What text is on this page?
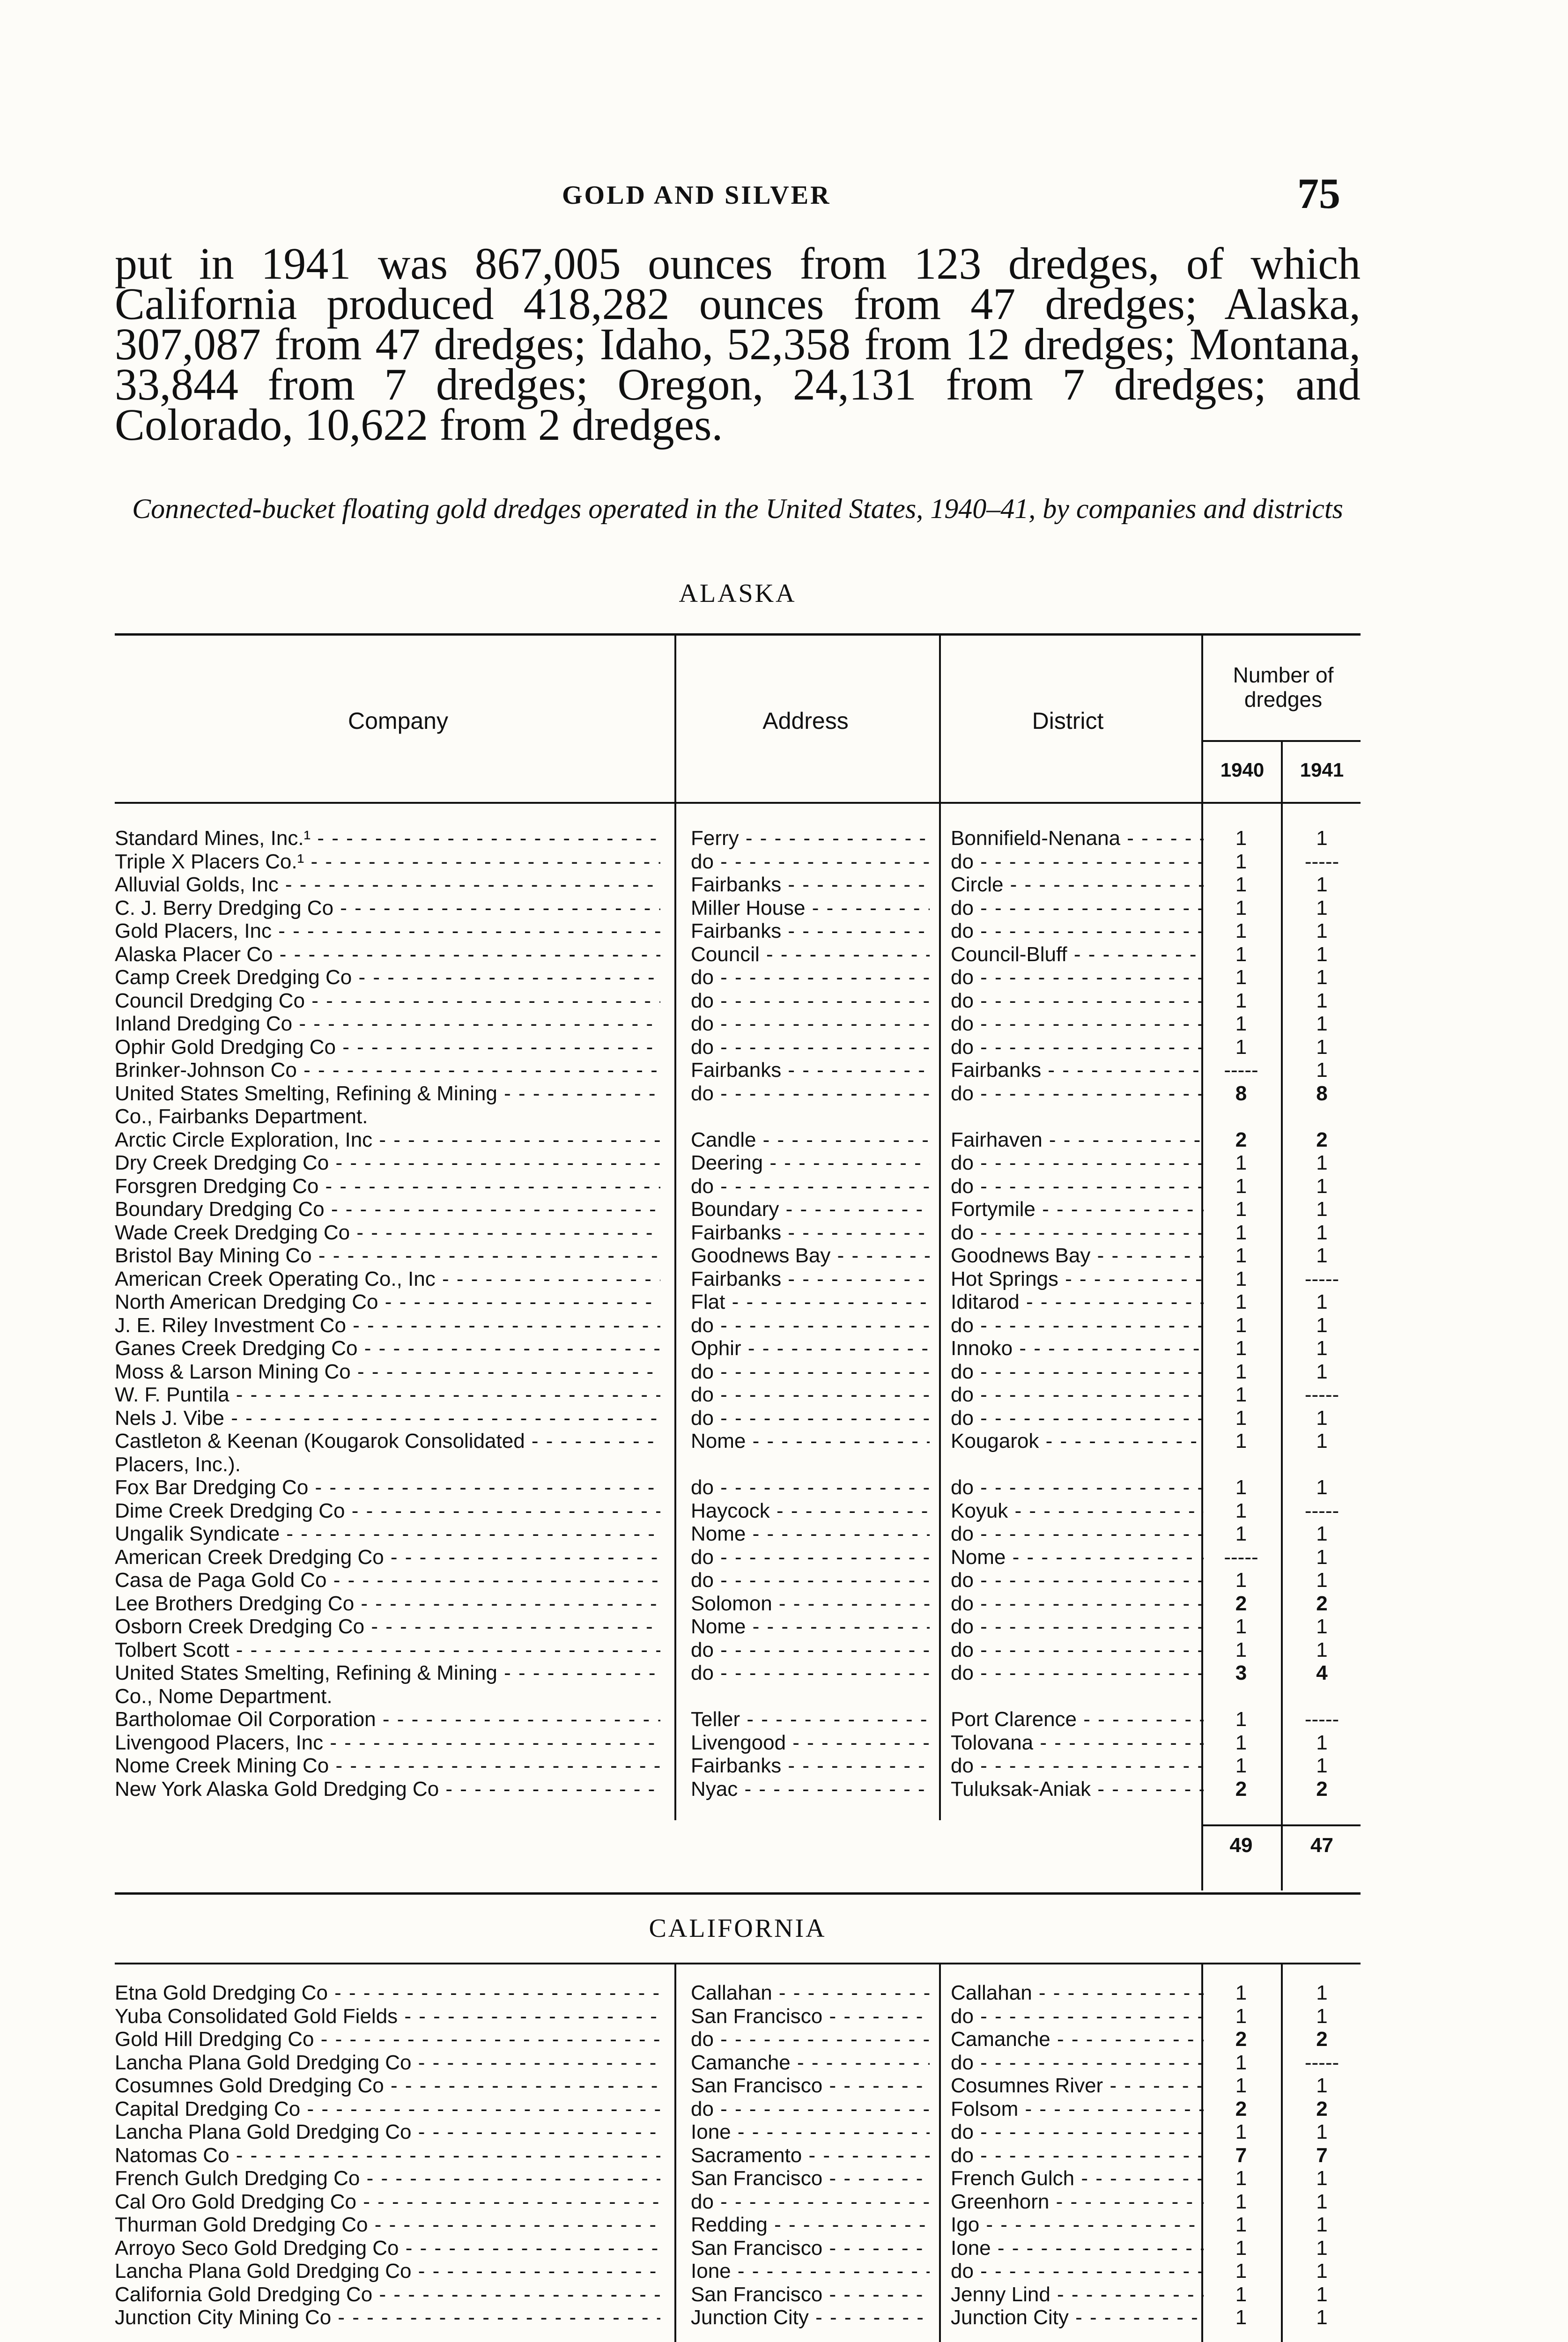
GOLD AND SILVER	75
put in 1941 was 867,005 ounces from 123 dredges, of which California produced 418,282 ounces from 47 dredges; Alaska, 307,087 from 47 dredges; Idaho, 52,358 from 12 dredges; Montana, 33,844 from 7 dredges; Oregon, 24,131 from 7 dredges; and Colorado, 10,622 from 2 dredges.
Connected-bucket floating gold dredges operated in the United States, 1940–41, by companies and districts
ALASKA
Company	Address	District
Number of dredges
1940	1941
Standard Mines, Inc.¹ - - -	Ferry - - -	Bonnifield-Nenana - - -	1	1
Triple X Placers Co.¹ - - -	do - - -	do - - -	1	-----
Alluvial Golds, Inc - - -	Fairbanks - - -	Circle - - -	1	1
C. J. Berry Dredging Co - - -	Miller House - - -	do - - -	1	1
Gold Placers, Inc - - -	Fairbanks - - -	do - - -	1	1
Alaska Placer Co - - -	Council - - -	Council-Bluff - - -	1	1
Camp Creek Dredging Co - - -	do - - -	do - - -	1	1
Council Dredging Co - - -	do - - -	do - - -	1	1
Inland Dredging Co - - -	do - - -	do - - -	1	1
Ophir Gold Dredging Co - - -	do - - -	do - - -	1	1
Brinker-Johnson Co - - -	Fairbanks - - -	Fairbanks - - -	-----	1
United States Smelting, Refining & Mining - - -	do - - -	do - - -	8	8
Co., Fairbanks Department.
Arctic Circle Exploration, Inc - - -	Candle - - -	Fairhaven - - -	2	2
Dry Creek Dredging Co - - -	Deering - - -	do - - -	1	1
Forsgren Dredging Co - - -	do - - -	do - - -	1	1
Boundary Dredging Co - - -	Boundary - - -	Fortymile - - -	1	1
Wade Creek Dredging Co - - -	Fairbanks - - -	do - - -	1	1
Bristol Bay Mining Co - - -	Goodnews Bay - - -	Goodnews Bay - - -	1	1
American Creek Operating Co., Inc - - -	Fairbanks - - -	Hot Springs - - -	1	-----
North American Dredging Co - - -	Flat - - -	Iditarod - - -	1	1
J. E. Riley Investment Co - - -	do - - -	do - - -	1	1
Ganes Creek Dredging Co - - -	Ophir - - -	Innoko - - -	1	1
Moss & Larson Mining Co - - -	do - - -	do - - -	1	1
W. F. Puntila - - -	do - - -	do - - -	1	-----
Nels J. Vibe - - -	do - - -	do - - -	1	1
Castleton & Keenan (Kougarok Consolidated - - -	Nome - - -	Kougarok - - -	1	1
Placers, Inc.).
Fox Bar Dredging Co - - -	do - - -	do - - -	1	1
Dime Creek Dredging Co - - -	Haycock - - -	Koyuk - - -	1	-----
Ungalik Syndicate - - -	Nome - - -	do - - -	1	1
American Creek Dredging Co - - -	do - - -	Nome - - -	-----	1
Casa de Paga Gold Co - - -	do - - -	do - - -	1	1
Lee Brothers Dredging Co - - -	Solomon - - -	do - - -	2	2
Osborn Creek Dredging Co - - -	Nome - - -	do - - -	1	1
Tolbert Scott - - -	do - - -	do - - -	1	1
United States Smelting, Refining & Mining - - -	do - - -	do - - -	3	4
Co., Nome Department.
Bartholomae Oil Corporation - - -	Teller - - -	Port Clarence - - -	1	-----
Livengood Placers, Inc - - -	Livengood - - -	Tolovana - - -	1	1
Nome Creek Mining Co - - -	Fairbanks - - -	do - - -	1	1
New York Alaska Gold Dredging Co - - -	Nyac - - -	Tuluksak-Aniak - - -	2	2
49	47
CALIFORNIA
Etna Gold Dredging Co - - -	Callahan - - -	Callahan - - -	1	1
Yuba Consolidated Gold Fields - - -	San Francisco - - -	do - - -	1	1
Gold Hill Dredging Co - - -	do - - -	Camanche - - -	2	2
Lancha Plana Gold Dredging Co - - -	Camanche - - -	do - - -	1	-----
Cosumnes Gold Dredging Co - - -	San Francisco - - -	Cosumnes River - - -	1	1
Capital Dredging Co - - -	do - - -	Folsom - - -	2	2
Lancha Plana Gold Dredging Co - - -	Ione - - -	do - - -	1	1
Natomas Co - - -	Sacramento - - -	do - - -	7	7
French Gulch Dredging Co - - -	San Francisco - - -	French Gulch - - -	1	1
Cal Oro Gold Dredging Co - - -	do - - -	Greenhorn - - -	1	1
Thurman Gold Dredging Co - - -	Redding - - -	Igo - - -	1	1
Arroyo Seco Gold Dredging Co - - -	San Francisco - - -	Ione - - -	1	1
Lancha Plana Gold Dredging Co - - -	Ione - - -	do - - -	1	1
California Gold Dredging Co - - -	San Francisco - - -	Jenny Lind - - -	1	1
Junction City Mining Co - - -	Junction City - - -	Junction City - - -	1	1
